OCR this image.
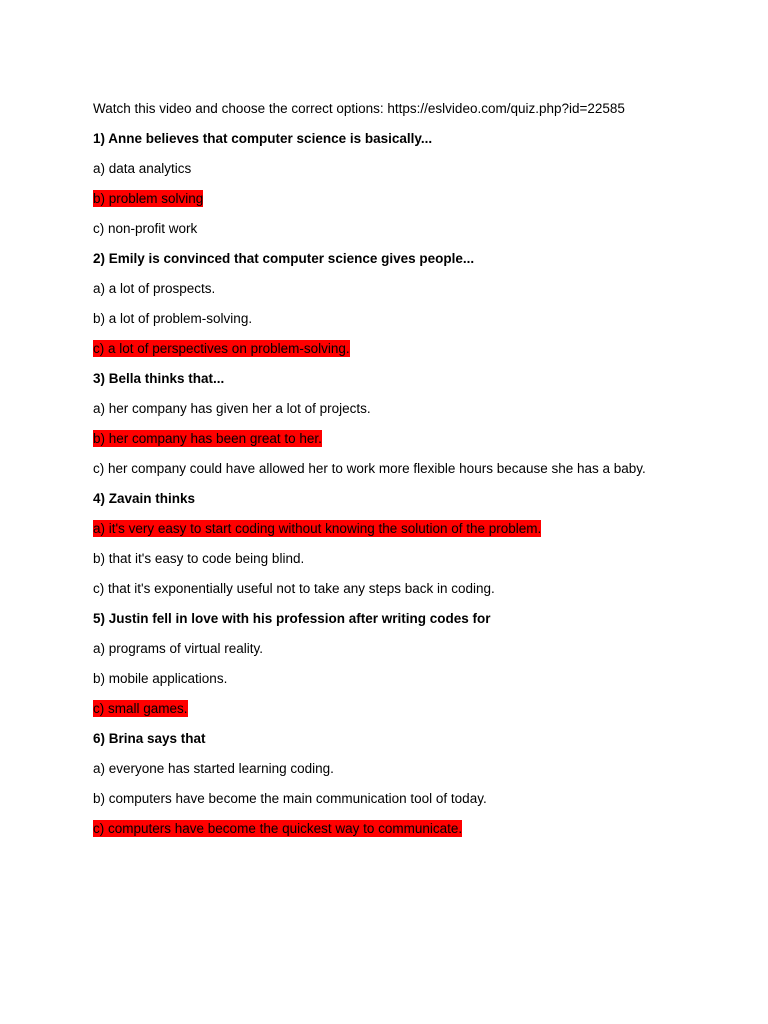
Watch this video and choose the correct options: https://eslvideo.com/quiz.php?id=22585
1) Anne believes that computer science is basically...
a) data analytics
b) problem solving
c) non-profit work
2) Emily is convinced that computer science gives people...
a) a lot of prospects.
b) a lot of problem-solving.
c) a lot of perspectives on problem-solving.
3) Bella thinks that...
a) her company has given her a lot of projects.
b) her company has been great to her.
c) her company could have allowed her to work more flexible hours because she has a baby.
4) Zavain thinks
a) it's very easy to start coding without knowing the solution of the problem.
b) that it's easy to code being blind.
c) that it's exponentially useful not to take any steps back in coding.
5) Justin fell in love with his profession after writing codes for
a) programs of virtual reality.
b) mobile applications.
c) small games.
6) Brina says that
a) everyone has started learning coding.
b) computers have become the main communication tool of today.
c) computers have become the quickest way to communicate.
